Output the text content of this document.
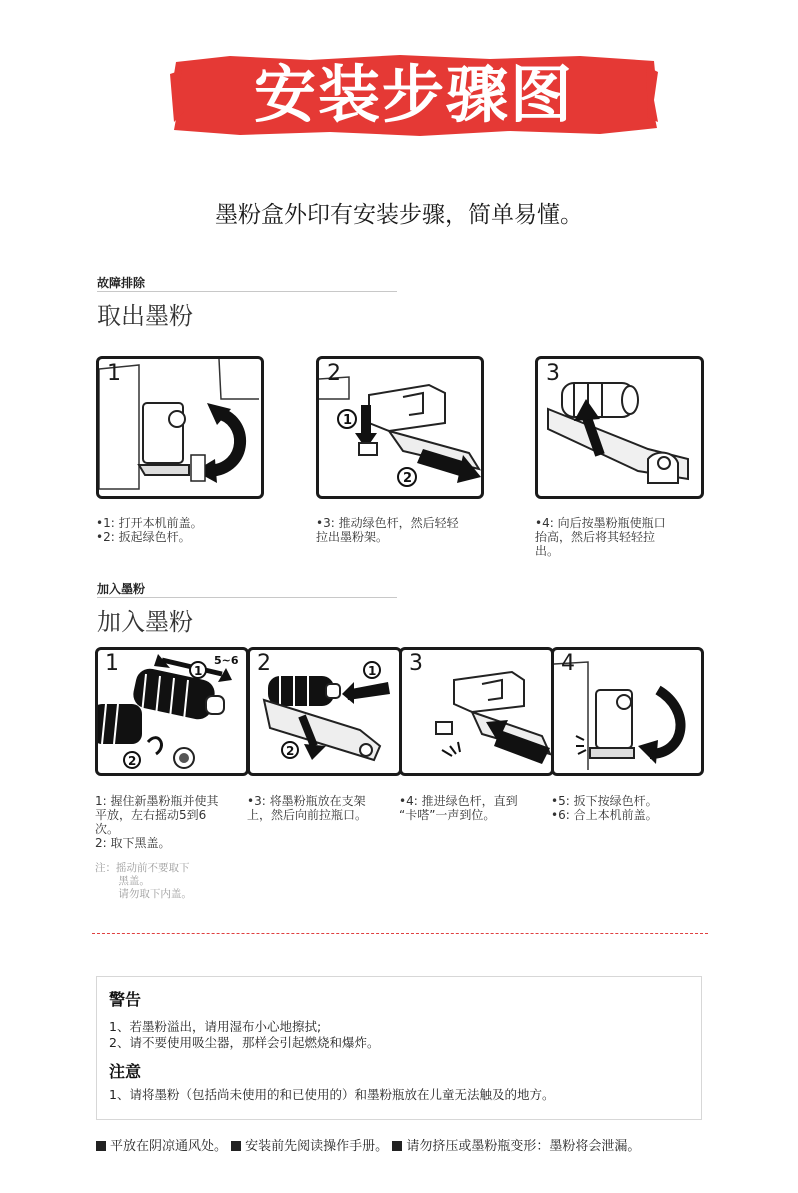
安装步骤图
墨粉盒外印有安装步骤，简单易懂。
故障排除
取出墨粉
1
•1: 打开本机前盖。
•2: 扳起绿色杆。
1
2
2
•3: 推动绿色杆，然后轻轻
拉出墨粉架。
3
•4: 向后按墨粉瓶使瓶口
抬高，然后将其轻轻拉
出。
加入墨粉
加入墨粉
1
5~6
2
1
1: 握住新墨粉瓶并使其
平放，左右摇动5到6
次。
2: 取下黑盖。
注：摇动前不要取下
黑盖。
请勿取下内盖。
1
2
2
•3: 将墨粉瓶放在支架
上，然后向前拉瓶口。
3
•4: 推进绿色杆，直到
“卡嗒”一声到位。
4
•5: 扳下按绿色杆。
•6: 合上本机前盖。
警告
1、若墨粉溢出，请用湿布小心地擦拭;
2、请不要使用吸尘器，那样会引起燃烧和爆炸。
注意
1、请将墨粉（包括尚未使用的和已使用的）和墨粉瓶放在儿童无法触及的地方。
平放在阴凉通风处。 安装前先阅读操作手册。 请勿挤压或墨粉瓶变形：墨粉将会泄漏。
